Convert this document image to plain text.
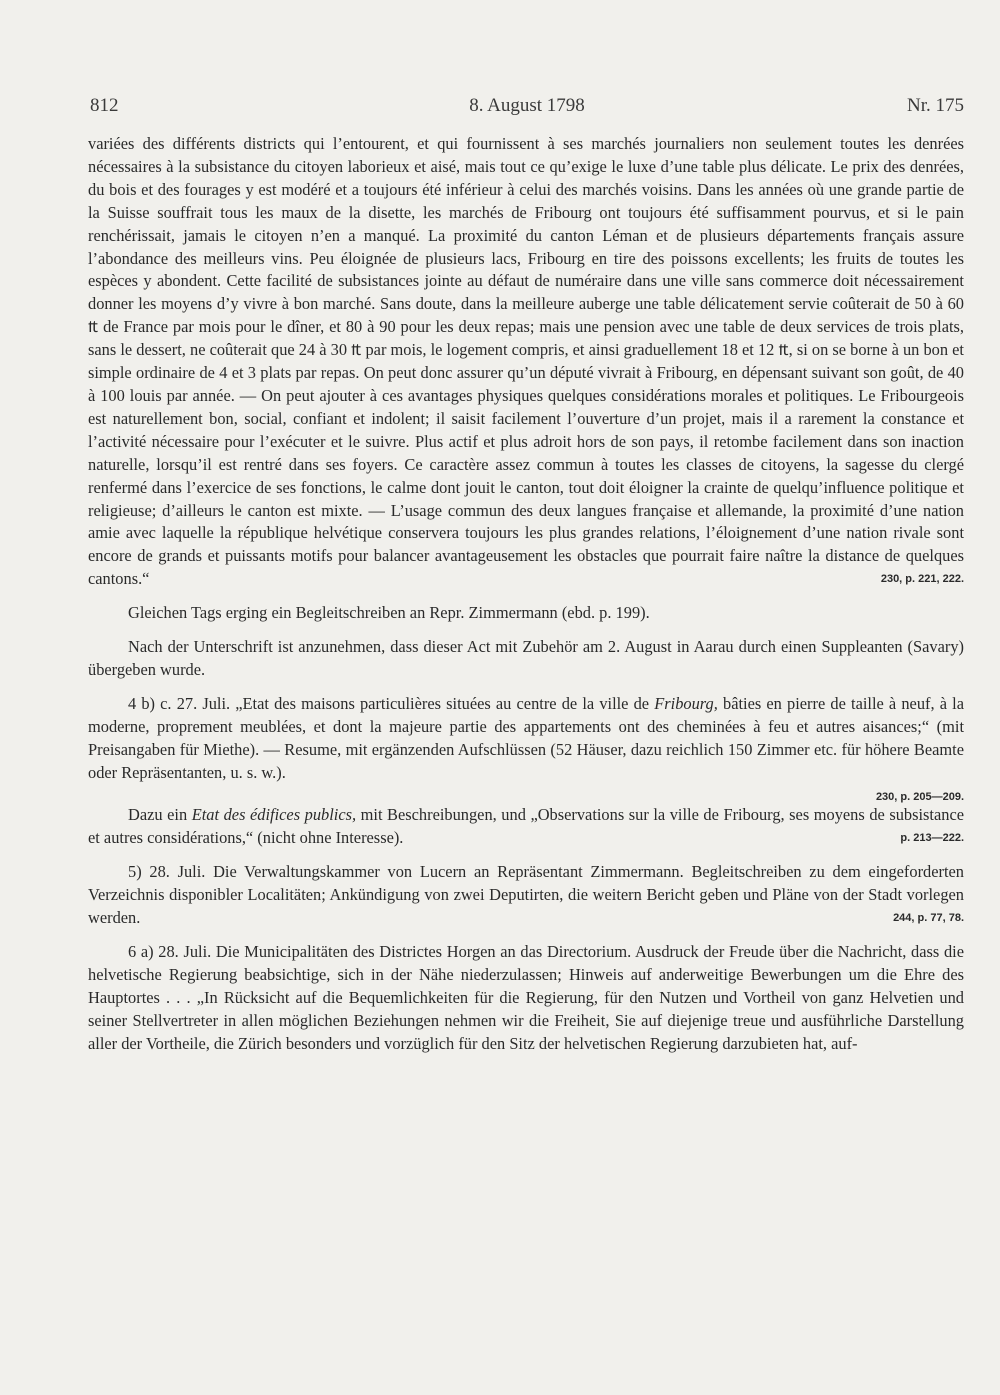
812	8. August 1798	Nr. 175

variées des différents districts qui l’entourent, et qui fournissent à ses marchés journaliers non seulement toutes les denrées nécessaires à la subsistance du citoyen laborieux et aisé, mais tout ce qu’exige le luxe d’une table plus délicate. Le prix des denrées, du bois et des fourages y est modéré et a toujours été inférieur à celui des marchés voisins. Dans les années où une grande partie de la Suisse souffrait tous les maux de la disette, les marchés de Fribourg ont toujours été suffisamment pourvus, et si le pain renchérissait, jamais le citoyen n’en a manqué. La proximité du canton Léman et de plusieurs départements français assure l’abondance des meilleurs vins. Peu éloignée de plusieurs lacs, Fribourg en tire des poissons excellents; les fruits de toutes les espèces y abondent. Cette facilité de subsistances jointe au défaut de numéraire dans une ville sans commerce doit nécessairement donner les moyens d’y vivre à bon marché. Sans doute, dans la meilleure auberge une table délicatement servie coûterait de 50 à 60 ₶ de France par mois pour le dîner, et 80 à 90 pour les deux repas; mais une pension avec une table de deux services de trois plats, sans le dessert, ne coûterait que 24 à 30 ₶ par mois, le logement compris, et ainsi graduellement 18 et 12 ₶, si on se borne à un bon et simple ordinaire de 4 et 3 plats par repas. On peut donc assurer qu’un député vivrait à Fribourg, en dépensant suivant son goût, de 40 à 100 louis par année. — On peut ajouter à ces avantages physiques quelques considérations morales et politiques. Le Fribourgeois est naturellement bon, social, confiant et indolent; il saisit facilement l’ouverture d’un projet, mais il a rarement la constance et l’activité nécessaire pour l’exécuter et le suivre. Plus actif et plus adroit hors de son pays, il retombe facilement dans son inaction naturelle, lorsqu’il est rentré dans ses foyers. Ce caractère assez commun à toutes les classes de citoyens, la sagesse du clergé renfermé dans l’exercice de ses fonctions, le calme dont jouit le canton, tout doit éloigner la crainte de quelqu’influence politique et religieuse; d’ailleurs le canton est mixte. — L’usage commun des deux langues française et allemande, la proximité d’une nation amie avec laquelle la république helvétique conservera toujours les plus grandes relations, l’éloignement d’une nation rivale sont encore de grands et puissants motifs pour balancer avantageusement les obstacles que pourrait faire naître la distance de quelques cantons.“	230, p. 221, 222.

Gleichen Tags erging ein Begleitschreiben an Repr. Zimmermann (ebd. p. 199).

Nach der Unterschrift ist anzunehmen, dass dieser Act mit Zubehör am 2. August in Aarau durch einen Suppleanten (Savary) übergeben wurde.

4 b) c. 27. Juli. „Etat des maisons particulières situées au centre de la ville de Fribourg, bâties en pierre de taille à neuf, à la moderne, proprement meublées, et dont la majeure partie des appartements ont des cheminées à feu et autres aisances;“ (mit Preisangaben für Miethe). — Resume, mit ergänzenden Aufschlüssen (52 Häuser, dazu reichlich 150 Zimmer etc. für höhere Beamte oder Repräsentanten, u. s. w.).

230, p. 205—209.

Dazu ein Etat des édifices publics, mit Beschreibungen, und „Observations sur la ville de Fribourg, ses moyens de subsistance et autres considérations,“ (nicht ohne Interesse).	p. 213—222.

5) 28. Juli. Die Verwaltungskammer von Lucern an Repräsentant Zimmermann. Begleitschreiben zu dem eingeforderten Verzeichnis disponibler Localitäten; Ankündigung von zwei Deputirten, die weitern Bericht geben und Pläne von der Stadt vorlegen werden.	244, p. 77, 78.

6 a) 28. Juli. Die Municipalitäten des Districtes Horgen an das Directorium. Ausdruck der Freude über die Nachricht, dass die helvetische Regierung beabsichtige, sich in der Nähe niederzulassen; Hinweis auf anderweitige Bewerbungen um die Ehre des Hauptortes . . . „In Rücksicht auf die Bequemlichkeiten für die Regierung, für den Nutzen und Vortheil von ganz Helvetien und seiner Stellvertreter in allen möglichen Beziehungen nehmen wir die Freiheit, Sie auf diejenige treue und ausführliche Darstellung aller der Vortheile, die Zürich besonders und vorzüglich für den Sitz der helvetischen Regierung darzubieten hat, auf-
